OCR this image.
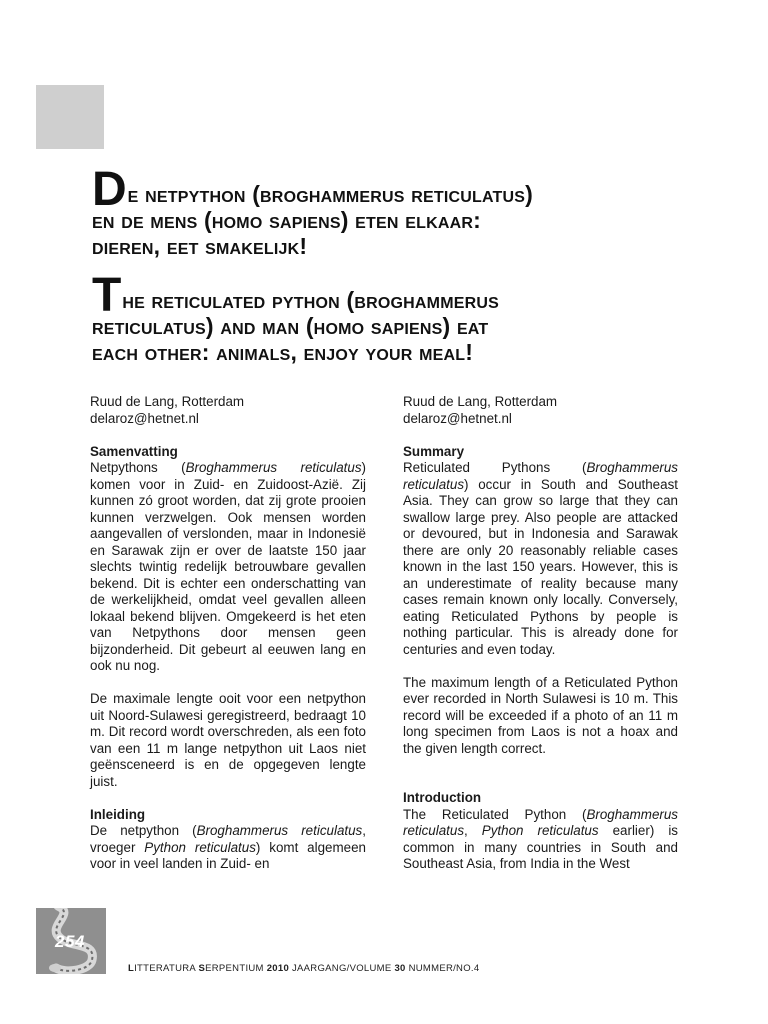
De netpython (broghammerus reticulatus)
en de mens (homo sapiens) eten elkaar:
dieren, eet smakelijk!
The reticulated python (broghammerus
reticulatus) and man (homo sapiens) eat
each other: animals, enjoy your meal!
Ruud de Lang, Rotterdam
delaroz@hetnet.nl
Samenvatting

Netpythons (Broghammerus reticulatus) komen voor in Zuid- en Zuidoost-Azië. Zij kunnen zó groot worden, dat zij grote prooien kunnen verzwelgen. Ook mensen worden aangevallen of verslonden, maar in Indonesië en Sarawak zijn er over de laatste 150 jaar slechts twintig redelijk betrouwbare gevallen bekend. Dit is echter een onderschatting van de werkelijkheid, omdat veel gevallen alleen lokaal bekend blijven. Omgekeerd is het eten van Netpythons door mensen geen bijzonderheid. Dit gebeurt al eeuwen lang en ook nu nog.

De maximale lengte ooit voor een netpython uit Noord-Sulawesi geregistreerd, bedraagt 10 m. Dit record wordt overschreden, als een foto van een 11 m lange netpython uit Laos niet geënsceneerd is en de opgegeven lengte juist.

Inleiding

De netpython (Broghammerus reticulatus, vroeger Python reticulatus) komt algemeen voor in veel landen in Zuid- en

Ruud de Lang, Rotterdam
delaroz@hetnet.nl
Summary

Reticulated Pythons (Broghammerus reticulatus) occur in South and Southeast Asia. They can grow so large that they can swallow large prey. Also people are attacked or devoured, but in Indonesia and Sarawak there are only 20 reasonably reliable cases known in the last 150 years. However, this is an underestimate of reality because many cases remain known only locally. Conversely, eating Reticulated Pythons by people is nothing particular. This is already done for centuries and even today.

The maximum length of a Reticulated Python ever recorded in North Sulawesi is 10 m. This record will be exceeded if a photo of an 11 m long specimen from Laos is not a hoax and the given length correct.

Introduction

The Reticulated Python (Broghammerus reticulatus, Python reticulatus earlier) is common in many countries in South and Southeast Asia, from India in the West

254
LITTERATURA SERPENTIUM 2010 JAARGANG/VOLUME 30 NUMMER/NO.4
